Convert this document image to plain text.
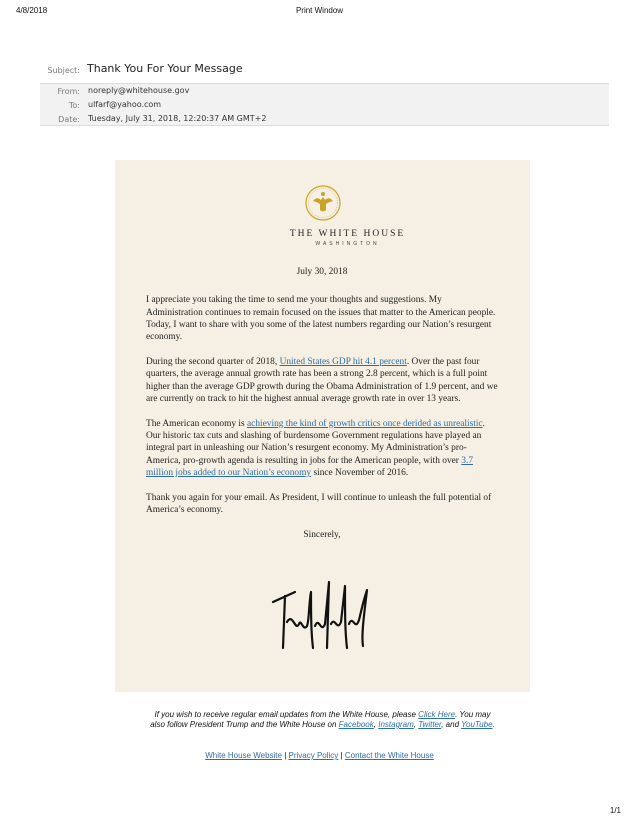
4/8/2018	Print Window
Subject: Thank You For Your Message
From: noreply@whitehouse.gov
To: ulfarf@yahoo.com
Date: Tuesday, July 31, 2018, 12:20:37 AM GMT+2
THE WHITE HOUSE
WASHINGTON
July 30, 2018

I appreciate you taking the time to send me your thoughts and suggestions. My Administration continues to remain focused on the issues that matter to the American people. Today, I want to share with you some of the latest numbers regarding our Nation’s resurgent economy.

During the second quarter of 2018, United States GDP hit 4.1 percent. Over the past four quarters, the average annual growth rate has been a strong 2.8 percent, which is a full point higher than the average GDP growth during the Obama Administration of 1.9 percent, and we are currently on track to hit the highest annual average growth rate in over 13 years.

The American economy is achieving the kind of growth critics once derided as unrealistic. Our historic tax cuts and slashing of burdensome Government regulations have played an integral part in unleashing our Nation’s resurgent economy. My Administration’s pro-America, pro-growth agenda is resulting in jobs for the American people, with over 3.7 million jobs added to our Nation’s economy since November of 2016.

Thank you again for your email. As President, I will continue to unleash the full potential of America’s economy.

Sincerely,
If you wish to receive regular email updates from the White House, please Click Here. You may also follow President Trump and the White House on Facebook, Instagram, Twitter, and YouTube.
White House Website | Privacy Policy | Contact the White House
1/1
